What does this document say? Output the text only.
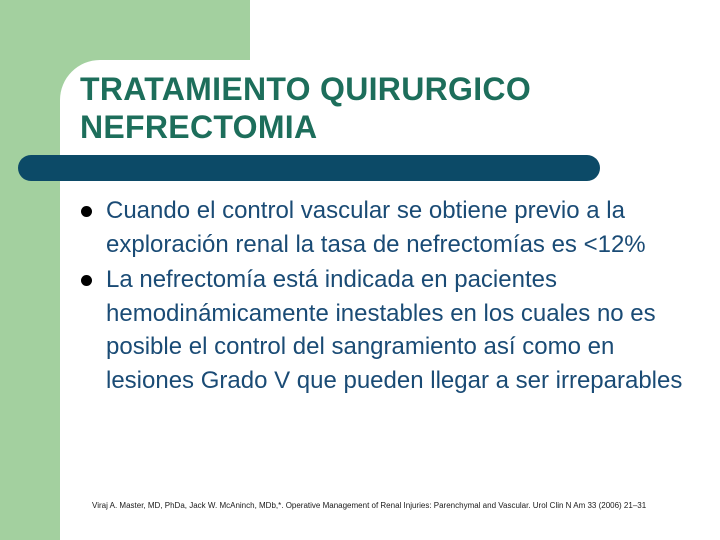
TRATAMIENTO QUIRURGICO
NEFRECTOMIA
Cuando el control vascular se obtiene previo a la exploración renal la tasa de nefrectomías es <12%
La nefrectomía está indicada en pacientes hemodinámicamente inestables en los cuales no es posible el control del sangramiento así como en lesiones Grado V que pueden llegar a ser irreparables

Viraj A. Master, MD, PhDa, Jack W. McAninch, MDb,*. Operative Management of Renal Injuries: Parenchymal and Vascular. Urol Clin N Am 33 (2006) 21–31
